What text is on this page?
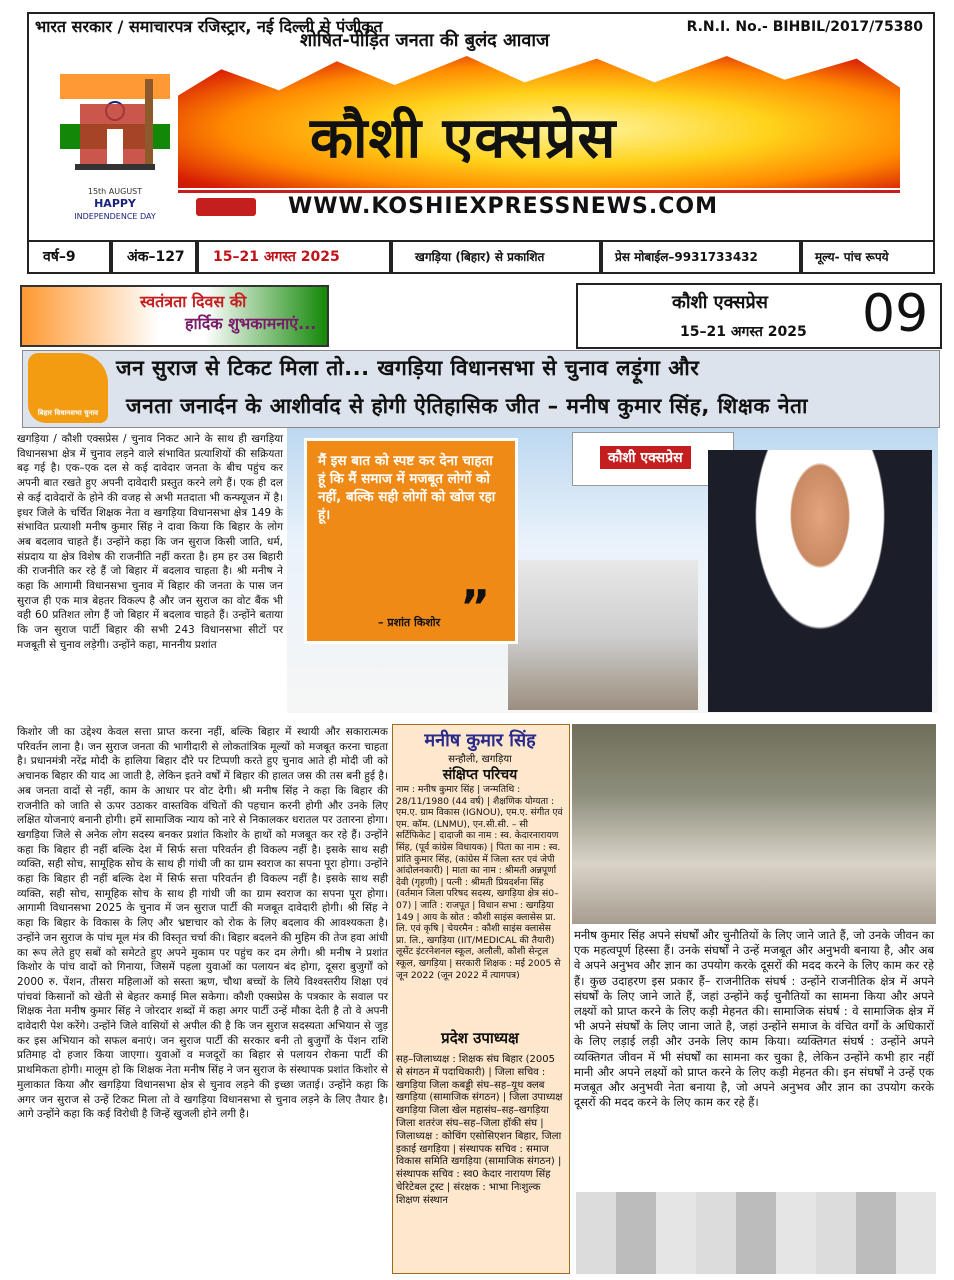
भारत सरकार / समाचारपत्र रजिस्ट्रार, नई दिल्ली से पंजीकृत	R.N.I. No.- BIHBIL/2017/75380
15th AUGUST
HAPPY
INDEPENDENCE DAY
शोषित-पीड़ित जनता की बुलंद आवाज
कौशी एक्सप्रेस
WWW.KOSHIEXPRESSNEWS.COM
वर्ष–9	अंक–127	15–21 अगस्त 2025	खगड़िया (बिहार) से प्रकाशित	प्रेस मोबाईल–9931733432	मूल्य- पांच रूपये
स्वतंत्रता दिवस की
हार्दिक शुभकामनाएं...
कौशी एक्सप्रेस
15–21 अगस्त 2025 09
बिहार विधानसभा चुनाव
जन सुराज से टिकट मिला तो... खगड़िया विधानसभा से चुनाव लड़ूंगा और
जनता जनार्दन के आशीर्वाद से होगी ऐतिहासिक जीत – मनीष कुमार सिंह, शिक्षक नेता
खगड़िया / कौशी एक्सप्रेस / चुनाव निकट आने के साथ ही खगड़िया विधानसभा क्षेत्र में चुनाव लड़ने वाले संभावित प्रत्याशियों की सक्रियता बढ़ गई है। एक–एक दल से कई दावेदार जनता के बीच पहुंच कर अपनी बात रखते हुए अपनी दावेदारी प्रस्तुत करने लगे हैं। एक ही दल से कई दावेदारों के होने की वजह से अभी मतदाता भी कन्फ्यूजन में है। इधर जिले के चर्चित शिक्षक नेता व खगड़िया विधानसभा क्षेत्र 149 के संभावित प्रत्याशी मनीष कुमार सिंह ने दावा किया कि बिहार के लोग अब बदलाव चाहते हैं। उन्होंने कहा कि जन सुराज किसी जाति, धर्म, संप्रदाय या क्षेत्र विशेष की राजनीति नहीं करता है। हम हर उस बिहारी की राजनीति कर रहे हैं जो बिहार में बदलाव चाहता है। श्री मनीष ने कहा कि आगामी विधानसभा चुनाव में बिहार की जनता के पास जन सुराज ही एक मात्र बेहतर विकल्प है और जन सुराज का वोट बैंक भी वही 60 प्रतिशत लोग हैं जो बिहार में बदलाव चाहते हैं। उन्होंने बताया कि जन सुराज पार्टी बिहार की सभी 243 विधानसभा सीटों पर मजबूती से चुनाव लड़ेगी। उन्होंने कहा, माननीय प्रशांत
मैं इस बात को स्पष्ट कर देना चाहता हूं कि मैं समाज में मजबूत लोगों को नहीं, बल्कि सही लोगों को खोज रहा हूं।
”
– प्रशांत किशोर
कौशी एक्सप्रेस
किशोर जी का उद्देश्य केवल सत्ता प्राप्त करना नहीं, बल्कि बिहार में स्थायी और सकारात्मक परिवर्तन लाना है। जन सुराज जनता की भागीदारी से लोकतांत्रिक मूल्यों को मजबूत करना चाहता है। प्रधानमंत्री नरेंद्र मोदी के हालिया बिहार दौरे पर टिप्पणी करते हुए चुनाव आते ही मोदी जी को अचानक बिहार की याद आ जाती है, लेकिन इतने वर्षों में बिहार की हालत जस की तस बनी हुई है। अब जनता वादों से नहीं, काम के आधार पर वोट देगी। श्री मनीष सिंह ने कहा कि बिहार की राजनीति को जाति से ऊपर उठाकर वास्तविक वंचितों की पहचान करनी होगी और उनके लिए लक्षित योजनाएं बनानी होगी। हमें सामाजिक न्याय को नारे से निकालकर धरातल पर उतारना होगा। खगड़िया जिले से अनेक लोग सदस्य बनकर प्रशांत किशोर के हाथों को मजबूत कर रहे हैं। उन्होंने कहा कि बिहार ही नहीं बल्कि देश में सिर्फ सत्ता परिवर्तन ही विकल्प नहीं है। इसके साथ सही व्यक्ति, सही सोच, सामूहिक सोच के साथ ही गांधी जी का ग्राम स्वराज का सपना पूरा होगा। उन्होंने कहा कि बिहार ही नहीं बल्कि देश में सिर्फ सत्ता परिवर्तन ही विकल्प नहीं है। इसके साथ सही व्यक्ति, सही सोच, सामूहिक सोच के साथ ही गांधी जी का ग्राम स्वराज का सपना पूरा होगा। आगामी विधानसभा 2025 के चुनाव में जन सुराज पार्टी की मजबूत दावेदारी होगी। श्री सिंह ने कहा कि बिहार के विकास के लिए और भ्रष्टाचार को रोक के लिए बदलाव की आवश्यकता है। उन्होंने जन सुराज के पांच मूल मंत्र की विस्तृत चर्चा की। बिहार बदलने की मुहिम की तेज हवा आंधी का रूप लेते हुए सबों को समेटते हुए अपने मुकाम पर पहुंच कर दम लेगी। श्री मनीष ने प्रशांत किशोर के पांच वादों को गिनाया, जिसमें पहला युवाओं का पलायन बंद होगा, दूसरा बुजुर्गों को 2000 रु. पेंशन, तीसरा महिलाओं को सस्ता ऋण, चौथा बच्चों के लिये विश्वस्तरीय शिक्षा एवं पांचवां किसानों को खेती से बेहतर कमाई मिल सकेगा। कौशी एक्सप्रेस के पत्रकार के सवाल पर शिक्षक नेता मनीष कुमार सिंह ने जोरदार शब्दों में कहा अगर पार्टी उन्हें मौका देती है तो वे अपनी दावेदारी पेश करेंगे। उन्होंने जिले वासियों से अपील की है कि जन सुराज सदस्यता अभियान से जुड़ कर इस अभियान को सफल बनाएं। जन सुराज पार्टी की सरकार बनी तो बुजुर्गों के पेंशन राशि प्रतिमाह दो हजार किया जाएगा। युवाओं व मजदूरों का बिहार से पलायन रोकना पार्टी की प्राथमिकता होगी। मालूम हो कि शिक्षक नेता मनीष सिंह ने जन सुराज के संस्थापक प्रशांत किशोर से मुलाकात किया और खगड़िया विधानसभा क्षेत्र से चुनाव लड़ने की इच्छा जताई। उन्होंने कहा कि अगर जन सुराज से उन्हें टिकट मिला तो वे खगड़िया विधानसभा से चुनाव लड़ने के लिए तैयार है। आगे उन्होंने कहा कि कई विरोधी है जिन्हें खुजली होने लगी है।
मनीष कुमार सिंह
सन्हौली, खगड़िया
संक्षिप्त परिचय
नाम : मनीष कुमार सिंह | जन्मतिथि : 28/11/1980 (44 वर्ष) | शैक्षणिक योग्यता : एम.ए. ग्राम विकास (IGNOU), एम.ए. संगीत एवं एम. कॉम. (LNMU), एन.सी.सी. – सी सर्टिफिकेट | दादाजी का नाम : स्व. केदारनारायण सिंह, (पूर्व कांग्रेस विधायक) | पिता का नाम : स्व. प्रांति कुमार सिंह, (कांग्रेस में जिला स्तर एवं जेपी आंदोलनकारी) | माता का नाम : श्रीमती अन्नपूर्णा देवी (गृहणी) | पत्नी : श्रीमती प्रियदर्शना सिंह (वर्तमान जिला परिषद सदस्य, खगड़िया क्षेत्र सं0–07) | जाति : राजपूत | विधान सभा : खगड़िया 149 | आय के स्रोत : कौशी साइंस क्लासेस प्रा. लि. एवं कृषि | चेयरमैन : कौशी साइंस क्लासेस प्रा. लि., खगड़िया (IIT/MEDICAL की तैयारी) लूसेंट इंटरनेशनल स्कूल, अलौली, कौशी सेन्ट्रल स्कूल, खगड़िया | सरकारी शिक्षक : मई 2005 से जून 2022 (जून 2022 में त्यागपत्र)
प्रदेश उपाध्यक्ष
सह–जिलाध्यक्ष : शिक्षक संघ बिहार (2005 से संगठन में पदाधिकारी) | जिला सचिव : खगड़िया जिला कबड्डी संघ–सह–यूथ क्लब खगड़िया (सामाजिक संगठन) | जिला उपाध्यक्ष खगड़िया जिला खेल महासंघ–सह–खगड़िया जिला शतरंज संघ–सह–जिला हॉकी संघ | जिलाध्यक्ष : कोचिंग एसोसिएशन बिहार, जिला इकाई खगड़िया | संस्थापक सचिव : समाज विकास समिति खगड़िया (सामाजिक संगठन) | संस्थापक सचिव : स्व0 केदार नारायण सिंह चेरिटेबल ट्रस्ट | संरक्षक : भाभा निःशुल्क शिक्षण संस्थान
मनीष कुमार सिंह अपने संघर्षों और चुनौतियों के लिए जाने जाते हैं, जो उनके जीवन का एक महत्वपूर्ण हिस्सा हैं। उनके संघर्षों ने उन्हें मजबूत और अनुभवी बनाया है, और अब वे अपने अनुभव और ज्ञान का उपयोग करके दूसरों की मदद करने के लिए काम कर रहे हैं। कुछ उदाहरण इस प्रकार हैं– राजनीतिक संघर्ष : उन्होंने राजनीतिक क्षेत्र में अपने संघर्षों के लिए जाने जाते हैं, जहां उन्होंने कई चुनौतियों का सामना किया और अपने लक्ष्यों को प्राप्त करने के लिए कड़ी मेहनत की। सामाजिक संघर्ष : वे सामाजिक क्षेत्र में भी अपने संघर्षों के लिए जाना जाते है, जहां उन्होंने समाज के वंचित वर्गों के अधिकारों के लिए लड़ाई लड़ी और उनके लिए काम किया। व्यक्तिगत संघर्ष : उन्होंने अपने व्यक्तिगत जीवन में भी संघर्षों का सामना कर चुका है, लेकिन उन्होंने कभी हार नहीं मानी और अपने लक्ष्यों को प्राप्त करने के लिए कड़ी मेहनत की। इन संघर्षों ने उन्हें एक मजबूत और अनुभवी नेता बनाया है, जो अपने अनुभव और ज्ञान का उपयोग करके दूसरों की मदद करने के लिए काम कर रहे हैं।
